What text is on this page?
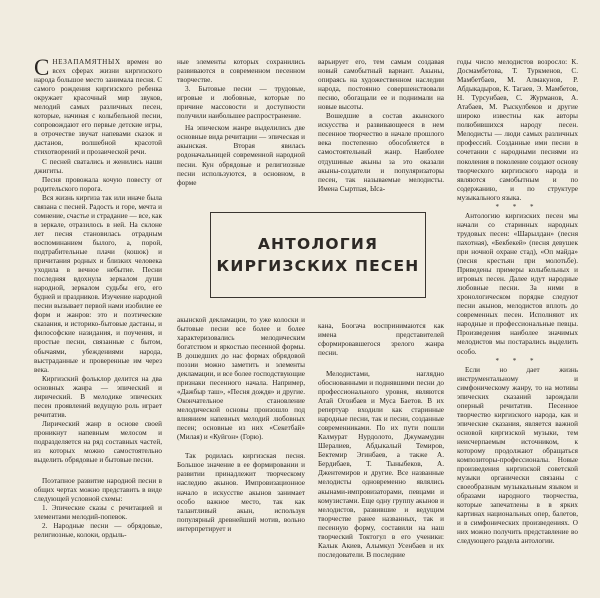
СНЕЗАПАМЯТНЫХ времен во всех сферах жизни киргизского народа большое место занимала песня. С самого рождения киргизского ребенка окружает красочный мир звуков, мелодий самых различных песен, которые, начиная с колыбельной песни, сопровождают его первые детские игры, в отрочестве звучат напевами сказок и дастанов, волшебной красотой стихотворений и прозаической речи.

С песней сватались и женились наши джигиты.

Песня провожала кочую повесту от родительского порога.

Вся жизнь киргиза так или иначе была связана с песней. Радость и горе, мечта и сомнение, счастье и страдание — все, как в зеркале, отразилось в ней. На склоне лет песня становилась отрадным воспоминанием былого, а, порой, подтрабительные плачи (кошок) и причитания родных и близких человека уходила в вечное небытие. Песни последняя вдохнула зеркалом души народной, зеркалом судьбы его, его будней и праздников. Изучение народной песни вызывает первой нами изобилие ее форм и жанров: это и поэтические сказания, и историко-бытовые дастаны, и философские назидания, и поучения, и простые песни, связанные с бытом, обычаями, убеждениями народа, выстраданные и проверенные им через века.

Киргизский фольклор делится на два основных жанра — эпический и лирический. В мелодике эпических песен проявлений ведущую роль играет речитатив.

Лирический жанр в основе своей проникнут напевным мелосом и подразделяется на ряд составных частей, из которых можно самостоятельно выделить обрядовые и бытовые песни.

Поэтапное развитие народной песни в общих чертах можно представить в виде следующей условной схемы:

1. Эпические сказы с речитацией и элементами мелодий-попевок.

2. Народные песни — обрядовые, религиозные, колоки, ордыль-

ные элементы которых сохранились развиваются в современном песенном творчестве.

3. Бытовые песни — трудовые, игровые и любовные, которые по причине массовости и доступности получили наибольшее распространение.

На эпическом жанре выделились две основные вида речитации — эпическая и акынская. Вторая явилась родоначальницей современной народной песни. Кун обрядовые и религиозные песни используются, в основном, в форме

акынской декламации, то уже колоски и бытовые песни все более и более характеризовались мелодическим богатством и яркостью песенной формы. В дошедших до нас формах обрядовой поэзии можно заметить и элементы декламации, и все более господствующие признаки песенного начала. Например, «Дажбыр таш», «Песня дождя» и другие. Окончательное становление мелодической основы произошло под влиянием напевных мелодий любовных песен; основные из них «Секетбай» (Милая) и «Куйгон» (Горю).

Так родилась киргизская песня. Большое значение в ее формировании и развитии принадлежит творческому наследию акынов. Импровизационное начало в искусстве акынов занимает особо важное место, так как талантливый акын, используя популярный древнейший мотив, вольно интерпретирует и

варьирует его, тем самым создавая новый самобытный вариант. Акыны, опираясь на художественном наследии народа, постоянно совершенствовали песню, обогащали ее и поднимали на новые высоты.

Вошедшие в состав акынского искусства и развивающееся в нем песенное творчество в начале прошлого века постепенно обособляется в самостоятельный жанр. Наиболее отдушиные акыны за это оказали акыны-создатели и популяризаторы песен, так называемые мелодисты. Имена Сыртпая, Ыса-

кана, Боогача воспринимаются как имена представителей сформировавшегося зрелого жанра песни.

Мелодистами, наглядно обоснованными и поднявшими песни до профессионального уровня, являются Атай Огонбаев и Муса Баетов. В их репертуар входили как старинные народные песни, так и песни, созданные современниками. По их пути пошли Калмурат Нурдолото, Джумамудин Шералиев, Абдыкалый Темиров, Бектемир Эгинбаев, а также А. Бердибаев, Т. Тыныбеков, А. Джентемиров и другие. Все названные мелодисты одновременно являлись акынами-импровизаторами, певцами и комузистами. Еще одну группу акынов и мелодистов, развившие и ведущим творчестве ранее названных, так и песенную форму, составили на наш творческий Токтогул в его ученики: Калык Акиев, Алымкул Усенбаев и их последователи. В последние

годы число мелодистов возросло: К. Досмамбетова, Т. Туркменов, С. Мамбетбаев, М. Алмакунов, Р. Абдыкадыров, К. Тагаев, Э. Мамбетов, Н. Турсунбаев, С. Журманов, А. Атабаев, М. Рыскулбеков и другие широко известны как авторы полюбившихся народу песен. Мелодисты — люди самых различных профессий. Созданные ими песни в сочетании с народными песнями из поколения в поколение создают основу творческого киргизского народа и являются самобытным и по содержанию, и по структуре музыкального языка.

* * *

Антологию киргизских песен мы начали со старинных народных трудовых песен: «Шарылдан» (песня пахотная), «Бекбекей» (песня девушек при ночной охране стад), «Оп майда» (песня крестьян при молотьбе). Приведены примеры колыбельных и игровых песен. Далее идут народные любовные песни. За ними в хронологическом порядке следуют песни акынов, мелодистов вплоть до современных песен. Исполняют их народные и профессиональные певцы. Произведения наиболее значимых мелодистов мы постарались выделить особо.

* * *

Если но дает жизнь инструментальному и симфоническому жанру, то на мотивы эпических сказаний зарождали оперный речитатив. Песенное творчество киргизского народа, как и эпические сказания, является важной основой киргизской музыки, тем неисчерпаемым источником, к которому продолжают обращаться композиторы-профессионалы. Новые произведения киргизской советской музыки органически связаны с своеобразным музыкальным языком и образами народного творчества, которые запечатлены в в ярких картинах национальных опер, балетов, и в симфонических произведениях. О них можно получить представление во следующего раздела антологии.

АНТОЛОГИЯ
КИРГИЗСКИХ ПЕСЕН
